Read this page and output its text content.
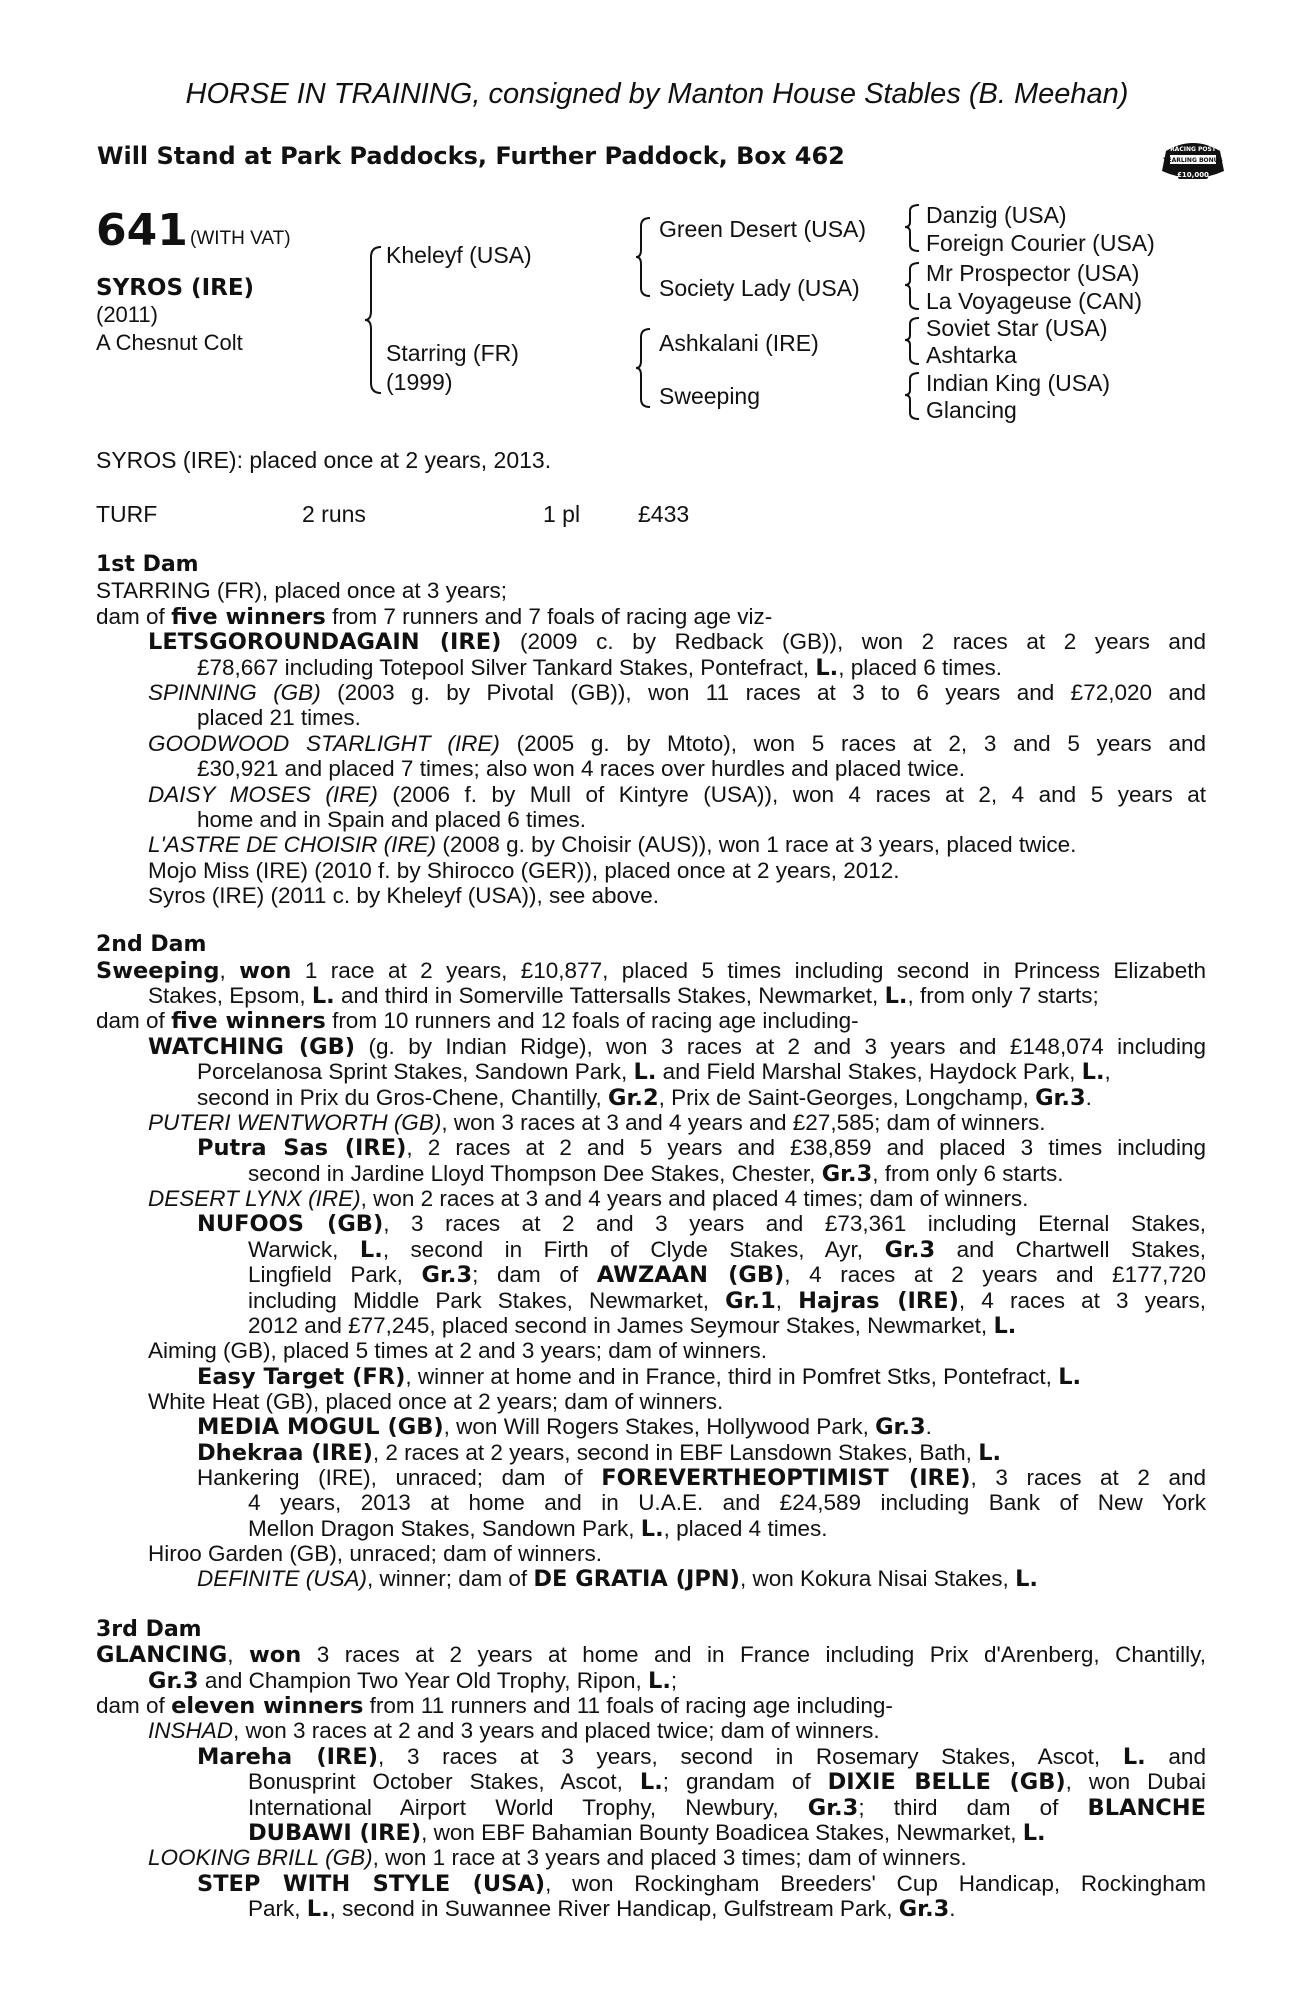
HORSE IN TRAINING, consigned by Manton House Stables (B. Meehan)
Will Stand at Park Paddocks, Further Paddock, Box 462	RACING POST
YEARLING BONUS
£10,000
641 (WITH VAT)
SYROS (IRE)
(2011)
A Chesnut Colt
Kheleyf (USA)
Starring (FR)
(1999)
Green Desert (USA)
Society Lady (USA)
Ashkalani (IRE)
Sweeping
Danzig (USA)
Foreign Courier (USA)
Mr Prospector (USA)
La Voyageuse (CAN)
Soviet Star (USA)
Ashtarka
Indian King (USA)
Glancing
SYROS (IRE): placed once at 2 years, 2013.
TURF	2 runs	1 pl	£433
1st Dam
STARRING (FR), placed once at 3 years;
dam of five winners from 7 runners and 7 foals of racing age viz-
LETSGOROUNDAGAIN (IRE) (2009 c. by Redback (GB)), won 2 races at 2 years and
£78,667 including Totepool Silver Tankard Stakes, Pontefract, L., placed 6 times.
SPINNING (GB) (2003 g. by Pivotal (GB)), won 11 races at 3 to 6 years and £72,020 and
placed 21 times.
GOODWOOD STARLIGHT (IRE) (2005 g. by Mtoto), won 5 races at 2, 3 and 5 years and
£30,921 and placed 7 times; also won 4 races over hurdles and placed twice.
DAISY MOSES (IRE) (2006 f. by Mull of Kintyre (USA)), won 4 races at 2, 4 and 5 years at
home and in Spain and placed 6 times.
L'ASTRE DE CHOISIR (IRE) (2008 g. by Choisir (AUS)), won 1 race at 3 years, placed twice.
Mojo Miss (IRE) (2010 f. by Shirocco (GER)), placed once at 2 years, 2012.
Syros (IRE) (2011 c. by Kheleyf (USA)), see above.
2nd Dam
Sweeping, won 1 race at 2 years, £10,877, placed 5 times including second in Princess Elizabeth
Stakes, Epsom, L. and third in Somerville Tattersalls Stakes, Newmarket, L., from only 7 starts;
dam of five winners from 10 runners and 12 foals of racing age including-
WATCHING (GB) (g. by Indian Ridge), won 3 races at 2 and 3 years and £148,074 including
Porcelanosa Sprint Stakes, Sandown Park, L. and Field Marshal Stakes, Haydock Park, L.,
second in Prix du Gros-Chene, Chantilly, Gr.2, Prix de Saint-Georges, Longchamp, Gr.3.
PUTERI WENTWORTH (GB), won 3 races at 3 and 4 years and £27,585; dam of winners.
Putra Sas (IRE), 2 races at 2 and 5 years and £38,859 and placed 3 times including
second in Jardine Lloyd Thompson Dee Stakes, Chester, Gr.3, from only 6 starts.
DESERT LYNX (IRE), won 2 races at 3 and 4 years and placed 4 times; dam of winners.
NUFOOS (GB), 3 races at 2 and 3 years and £73,361 including Eternal Stakes,
Warwick, L., second in Firth of Clyde Stakes, Ayr, Gr.3 and Chartwell Stakes,
Lingfield Park, Gr.3; dam of AWZAAN (GB), 4 races at 2 years and £177,720
including Middle Park Stakes, Newmarket, Gr.1, Hajras (IRE), 4 races at 3 years,
2012 and £77,245, placed second in James Seymour Stakes, Newmarket, L.
Aiming (GB), placed 5 times at 2 and 3 years; dam of winners.
Easy Target (FR), winner at home and in France, third in Pomfret Stks, Pontefract, L.
White Heat (GB), placed once at 2 years; dam of winners.
MEDIA MOGUL (GB), won Will Rogers Stakes, Hollywood Park, Gr.3.
Dhekraa (IRE), 2 races at 2 years, second in EBF Lansdown Stakes, Bath, L.
Hankering (IRE), unraced; dam of FOREVERTHEOPTIMIST (IRE), 3 races at 2 and
4 years, 2013 at home and in U.A.E. and £24,589 including Bank of New York
Mellon Dragon Stakes, Sandown Park, L., placed 4 times.
Hiroo Garden (GB), unraced; dam of winners.
DEFINITE (USA), winner; dam of DE GRATIA (JPN), won Kokura Nisai Stakes, L.
3rd Dam
GLANCING, won 3 races at 2 years at home and in France including Prix d'Arenberg, Chantilly,
Gr.3 and Champion Two Year Old Trophy, Ripon, L.;
dam of eleven winners from 11 runners and 11 foals of racing age including-
INSHAD, won 3 races at 2 and 3 years and placed twice; dam of winners.
Mareha (IRE), 3 races at 3 years, second in Rosemary Stakes, Ascot, L. and
Bonusprint October Stakes, Ascot, L.; grandam of DIXIE BELLE (GB), won Dubai
International Airport World Trophy, Newbury, Gr.3; third dam of BLANCHE
DUBAWI (IRE), won EBF Bahamian Bounty Boadicea Stakes, Newmarket, L.
LOOKING BRILL (GB), won 1 race at 3 years and placed 3 times; dam of winners.
STEP WITH STYLE (USA), won Rockingham Breeders' Cup Handicap, Rockingham
Park, L., second in Suwannee River Handicap, Gulfstream Park, Gr.3.
